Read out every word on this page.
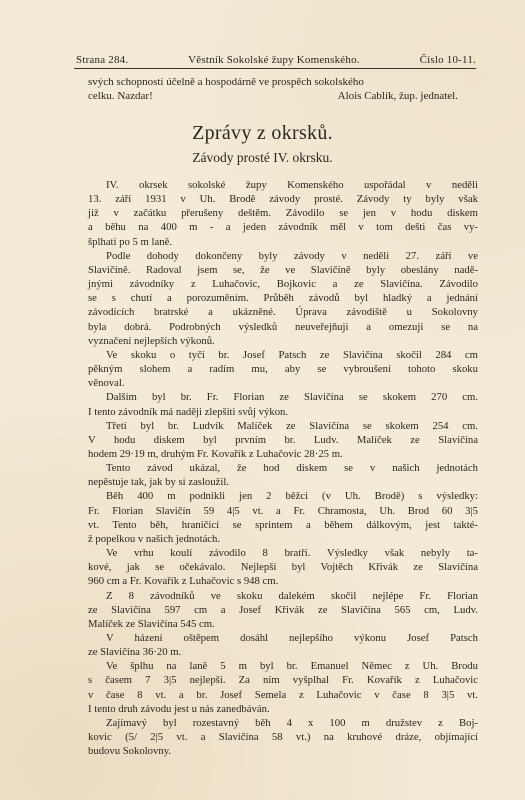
Strana 284.	Věstník Sokolské župy Komenského.	Číslo 10-11.
svých schopností účelně a hospodárně ve prospěch sokolského
celku. Nazdar!	Alois Cablík, žup. jednatel.
Zprávy z okrsků.
Závody prosté IV. okrsku.
IV. okrsek sokolské župy Komenského uspořádal v neděli
13. září 1931 v Uh. Brodě závody prosté. Závody ty byly však
již v začátku přerušeny deštěm. Závodilo se jen v hodu diskem
a běhu na 400 m - a jeden závodník měl v tom dešti čas vy-
šplhati po 5 m laně.
Podle dohody dokončeny byly závody v neděli 27. září ve
Slavičíně. Radoval jsem se, že ve Slavičíně byly obeslány nadě-
jnými závodníky z Luhačovic, Bojkovic a ze Slavičína. Závodilo
se s chutí a porozuměním. Průběh závodů byl hladký a jednání
závodících bratrské a ukázněné. Úprava závodiště u Sokolovny
byla dobrá. Podrobných výsledků neuveřejňuji a omezuji se na
vyznačení nejlepších výkonů.
Ve skoku o tyči br. Josef Patsch ze Slavičína skočil 284 cm
pěkným slohem a radím mu, aby se vybroušení tohoto skoku
věnoval.
Dalším byl br. Fr. Florian ze Slavičína se skokem 270 cm.
I tento závodník má naději zlepšiti svůj výkon.
Třetí byl br. Ludvík Malíček ze Slavičína se skokem 254 cm.
V hodu diskem byl prvním br. Ludv. Malíček ze Slavičína
hodem 29·19 m, druhým Fr. Kovařík z Luhačovic 28·25 m.
Tento závod ukázal, že hod diskem se v našich jednotách
nepěstuje tak, jak by si zasloužil.
Běh 400 m podnikli jen 2 běžci (v Uh. Brodě) s výsledky:
Fr. Florian Slavičín 59 4|5 vt. a Fr. Chramosta, Uh. Brod 60 3|5
vt. Tento běh, hraničící se sprintem a během dálkovým, jest takté-
ž popelkou v našich jednotách.
Ve vrhu koulí závodilo 8 bratří. Výsledky však nebyly ta-
kové, jak se očekávalo. Nejlepší byl Vojtěch Křivák ze Slavičína
960 cm a Fr. Kovařík z Luhačovic s 948 cm.
Z 8 závodníků ve skoku dalekém skočil nejlépe Fr. Florian
ze Slavičína 597 cm a Josef Křivák ze Slavičína 565 cm, Ludv.
Malíček ze Slavičína 545 cm.
V házení oštěpem dosáhl nejlepšího výkonu Josef Patsch
ze Slavičína 36·20 m.
Ve šplhu na laně 5 m byl br. Emanuel Němec z Uh. Brodu
s časem 7 3|5 nejlepší. Za ním vyšplhal Fr. Kovařík z Luhačovic
v čase 8 vt. a br. Josef Semela z Luhačovic v čase 8 3|5 vt.
I tento druh závodu jest u nás zanedbáván.
Zajímavý byl rozestavný běh 4 x 100 m družstev z Boj-
kovic (5/ 2|5 vt. a Slavičína 58 vt.) na kruhové dráze, objímající
budovu Sokolovny.
